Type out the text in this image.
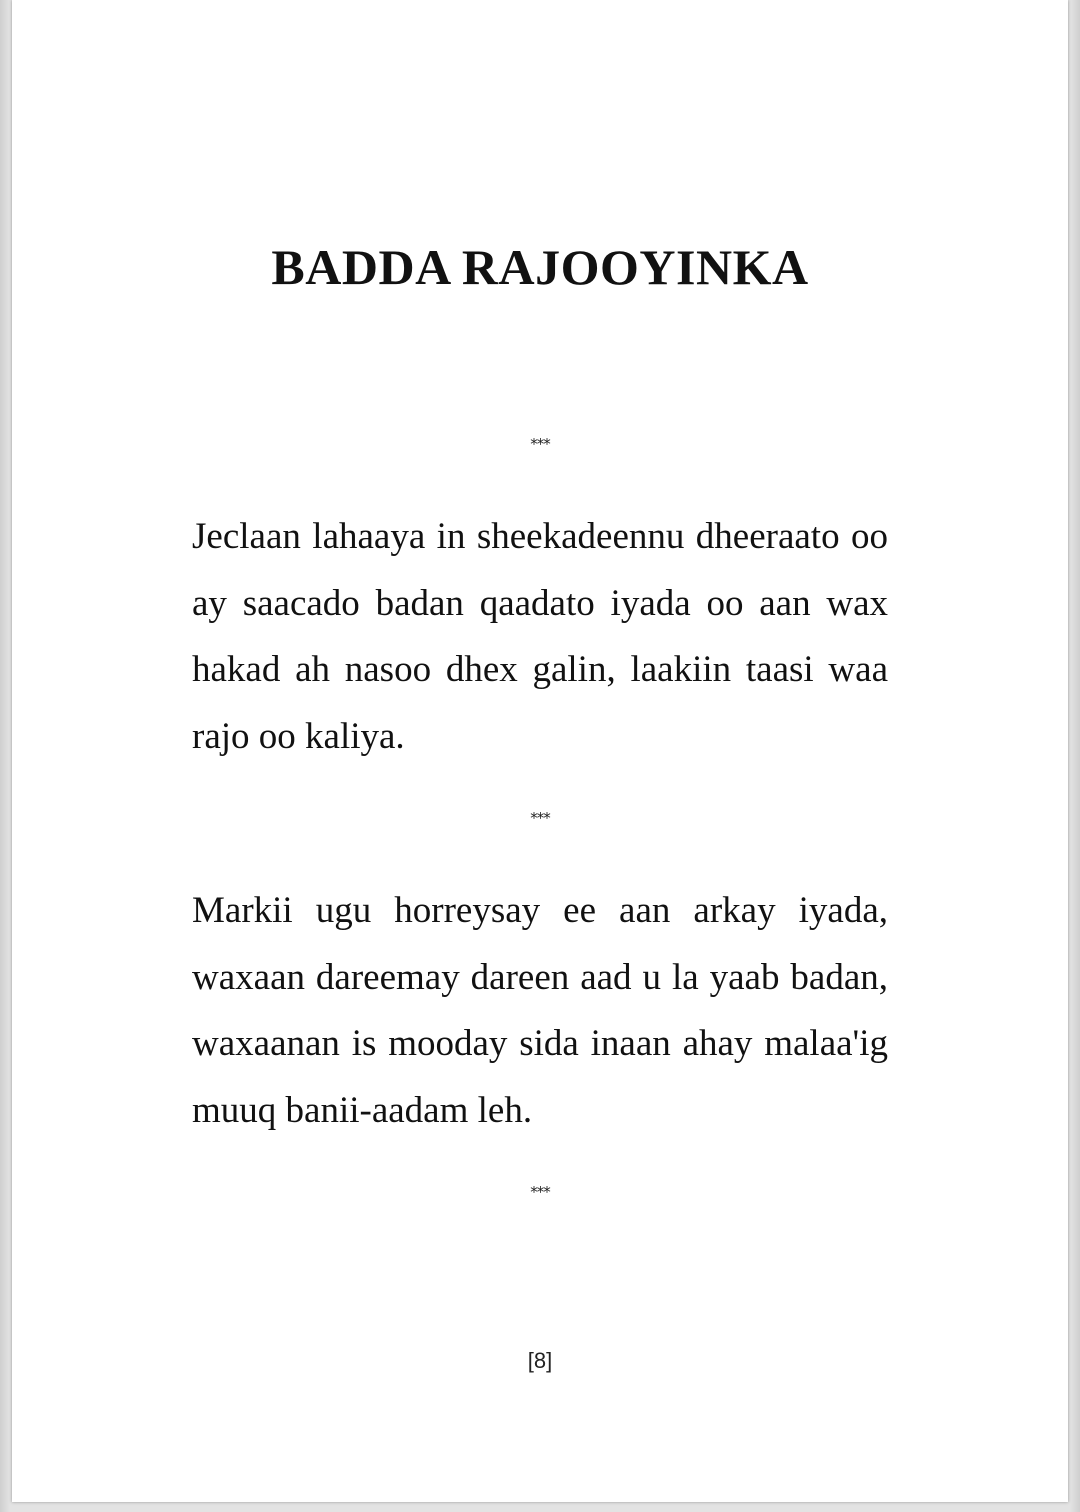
BADDA RAJOOYINKA
***

Jeclaan lahaaya in sheekadeennu dheeraato oo ay saacado badan qaadato iyada oo aan wax hakad ah nasoo dhex galin, laakiin taasi waa rajo oo kaliya.

***

Markii ugu horreysay ee aan arkay iyada, waxaan dareemay dareen aad u la yaab badan, waxaanan is mooday sida inaan ahay malaa'ig muuq banii-aadam leh.

***
[8]
